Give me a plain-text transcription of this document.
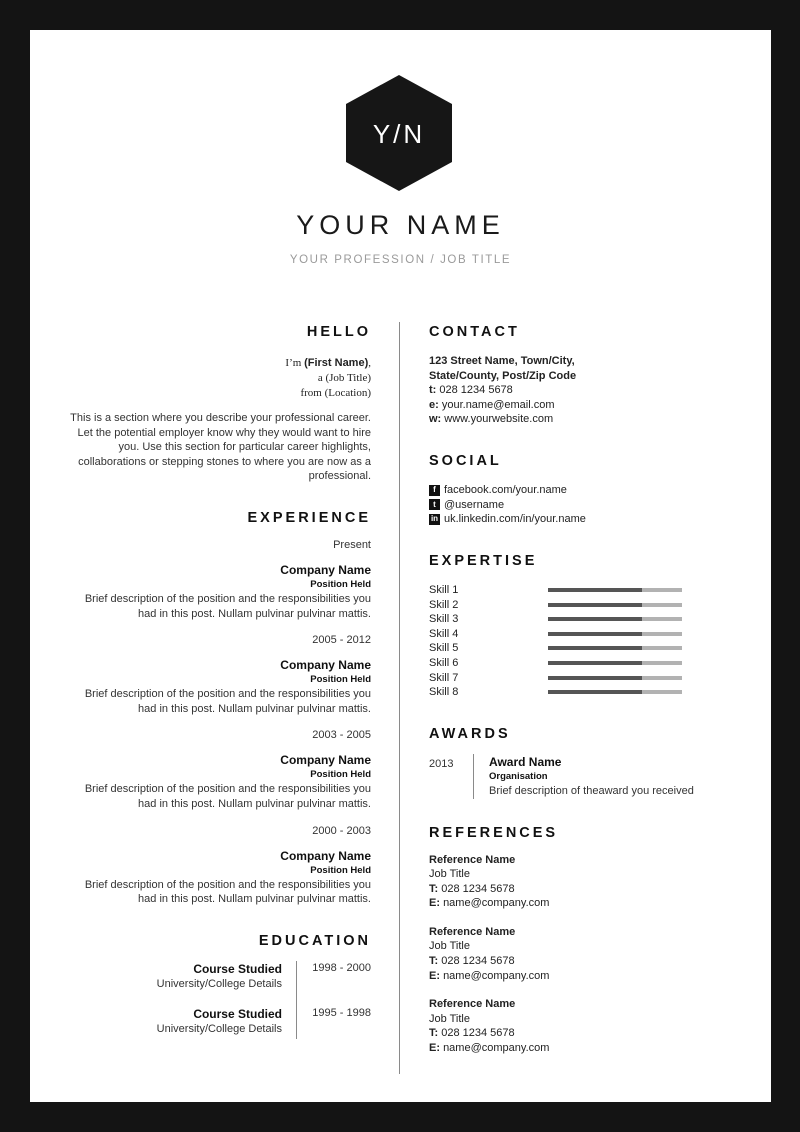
Y/N
YOUR NAME
YOUR PROFESSION / JOB TITLE
HELLO
I’m (First Name),
a (Job Title)
from (Location)

This is a section where you describe your professional career. Let the potential employer know why they would want to hire you. Use this section for particular career highlights, collaborations or stepping stones to where you are now as a professional.

EXPERIENCE
Present
Company Name
Position Held
Brief description of the position and the responsibilities you had in this post. Nullam pulvinar pulvinar mattis.
2005 - 2012
Company Name
Position Held
Brief description of the position and the responsibilities you had in this post. Nullam pulvinar pulvinar mattis.
2003 - 2005
Company Name
Position Held
Brief description of the position and the responsibilities you had in this post. Nullam pulvinar pulvinar mattis.
2000 - 2003
Company Name
Position Held
Brief description of the position and the responsibilities you had in this post. Nullam pulvinar pulvinar mattis.
EDUCATION
Course Studied
University/College Details
1998 - 2000
Course Studied
University/College Details
1995 - 1998
CONTACT
123 Street Name, Town/City,
State/County, Post/Zip Code
t: 028 1234 5678
e: your.name@email.com
w: www.yourwebsite.com
SOCIAL
f facebook.com/your.name
t @username
in uk.linkedin.com/in/your.name
EXPERTISE
Skill 1
Skill 2
Skill 3
Skill 4
Skill 5
Skill 6
Skill 7
Skill 8
AWARDS
2013	Award Name
Organisation
Brief description of theaward you received
REFERENCES
Reference Name
Job Title
T: 028 1234 5678
E: name@company.com
Reference Name
Job Title
T: 028 1234 5678
E: name@company.com
Reference Name
Job Title
T: 028 1234 5678
E: name@company.com
